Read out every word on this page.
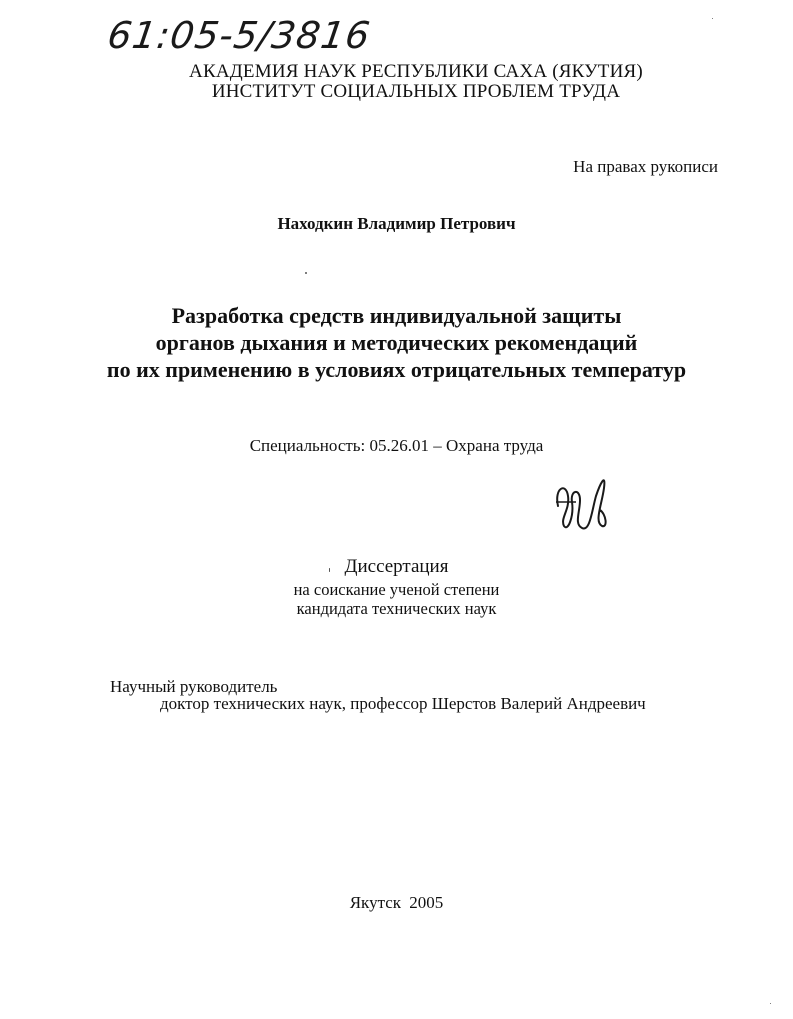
61:05-5/3816
АКАДЕМИЯ НАУК РЕСПУБЛИКИ САХА (ЯКУТИЯ)
ИНСТИТУТ СОЦИАЛЬНЫХ ПРОБЛЕМ ТРУДА
На правах рукописи
Находкин Владимир Петрович
Разработка средств индивидуальной защиты
органов дыхания и методических рекомендаций
по их применению в условиях отрицательных температур
Специальность: 05.26.01 – Охрана труда
Диссертация
на соискание ученой степени
кандидата технических наук
Научный руководитель
доктор технических наук, профессор Шерстов Валерий Андреевич
Якутск 2005
